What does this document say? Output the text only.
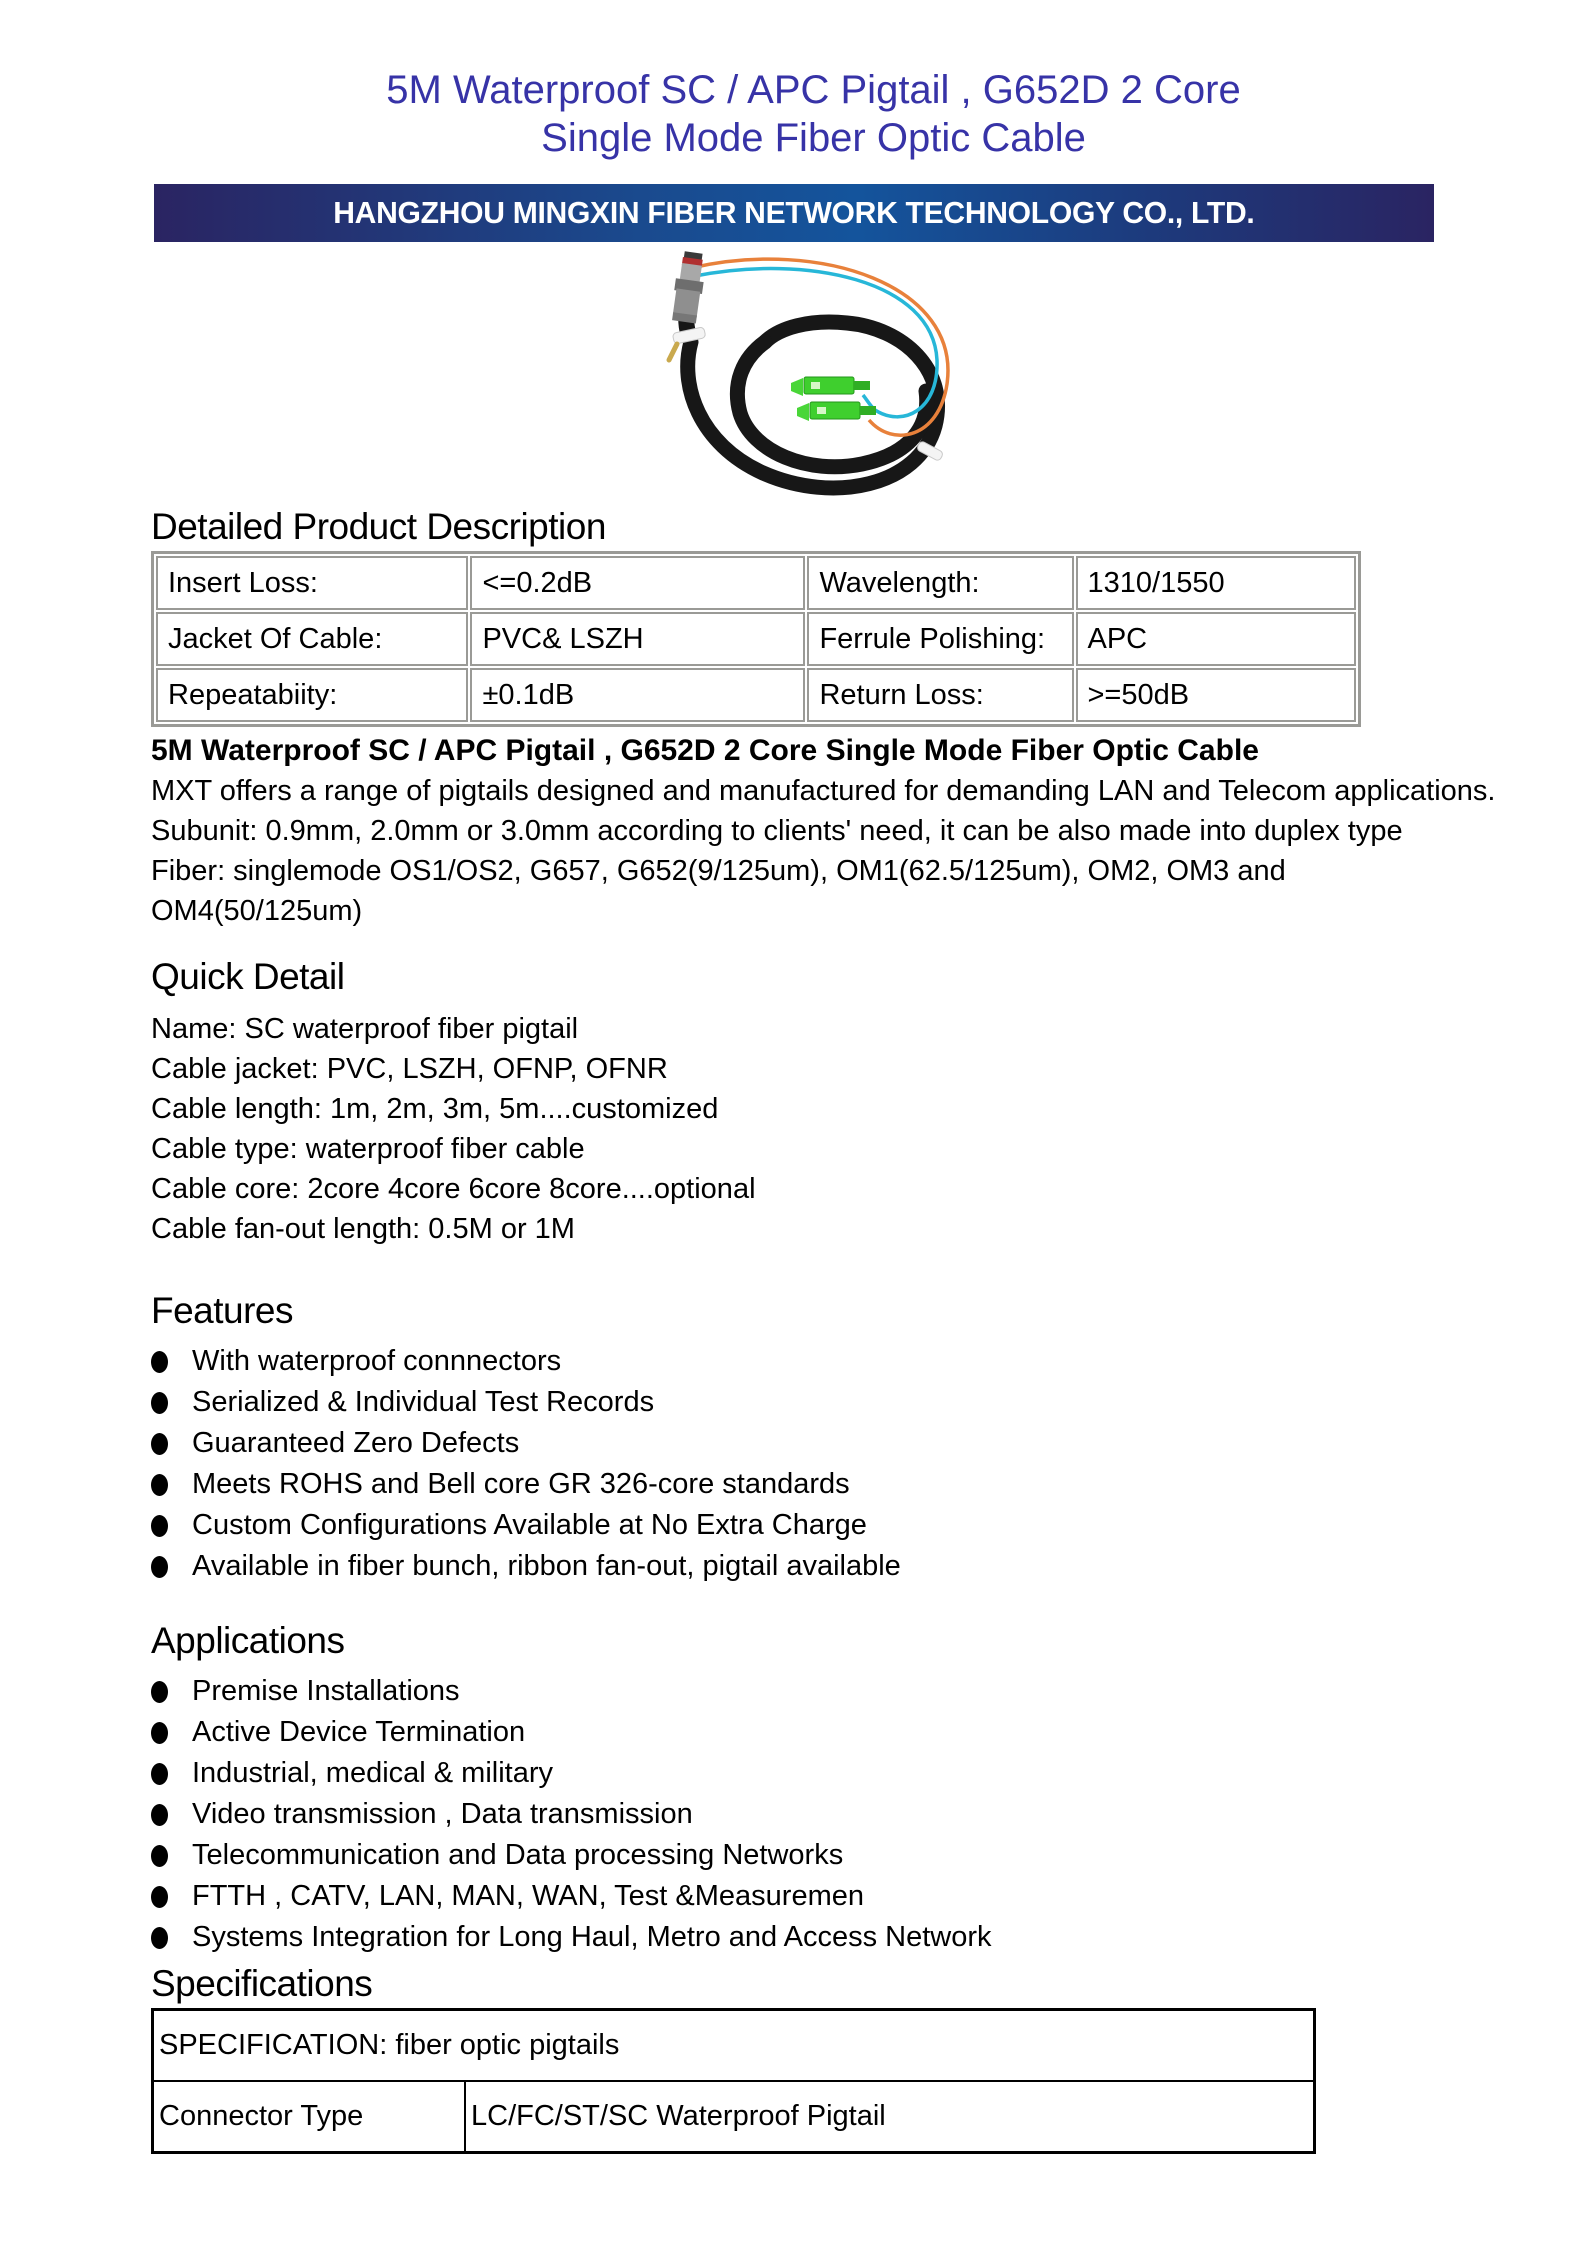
5M Waterproof SC / APC Pigtail , G652D 2 Core
Single Mode Fiber Optic Cable
HANGZHOU MINGXIN FIBER NETWORK TECHNOLOGY CO., LTD.
Detailed Product Description
Insert Loss:	<=0.2dB	Wavelength:	1310/1550
Jacket Of Cable:	PVC& LSZH	Ferrule Polishing:	APC
Repeatabiity:	±0.1dB	Return Loss:	>=50dB
5M Waterproof SC / APC Pigtail , G652D 2 Core Single Mode Fiber Optic Cable
MXT offers a range of pigtails designed and manufactured for demanding LAN and Telecom applications.
Subunit: 0.9mm, 2.0mm or 3.0mm according to clients' need, it can be also made into duplex type
Fiber: singlemode OS1/OS2, G657, G652(9/125um), OM1(62.5/125um), OM2, OM3 and
OM4(50/125um)
Quick Detail
Name: SC waterproof fiber pigtail
Cable jacket: PVC, LSZH, OFNP, OFNR
Cable length: 1m, 2m, 3m, 5m....customized
Cable type: waterproof fiber cable
Cable core: 2core 4core 6core 8core....optional
Cable fan-out length: 0.5M or 1M
Features
With waterproof connnectors
Serialized & Individual Test Records
Guaranteed Zero Defects
Meets ROHS and Bell core GR 326-core standards
Custom Configurations Available at No Extra Charge
Available in fiber bunch, ribbon fan-out, pigtail available
Applications
Premise Installations
Active Device Termination
Industrial, medical & military
Video transmission , Data transmission
Telecommunication and Data processing Networks
FTTH , CATV, LAN, MAN, WAN, Test &Measuremen
Systems Integration for Long Haul, Metro and Access Network
Specifications
SPECIFICATION: fiber optic pigtails
Connector Type	LC/FC/ST/SC Waterproof Pigtail
